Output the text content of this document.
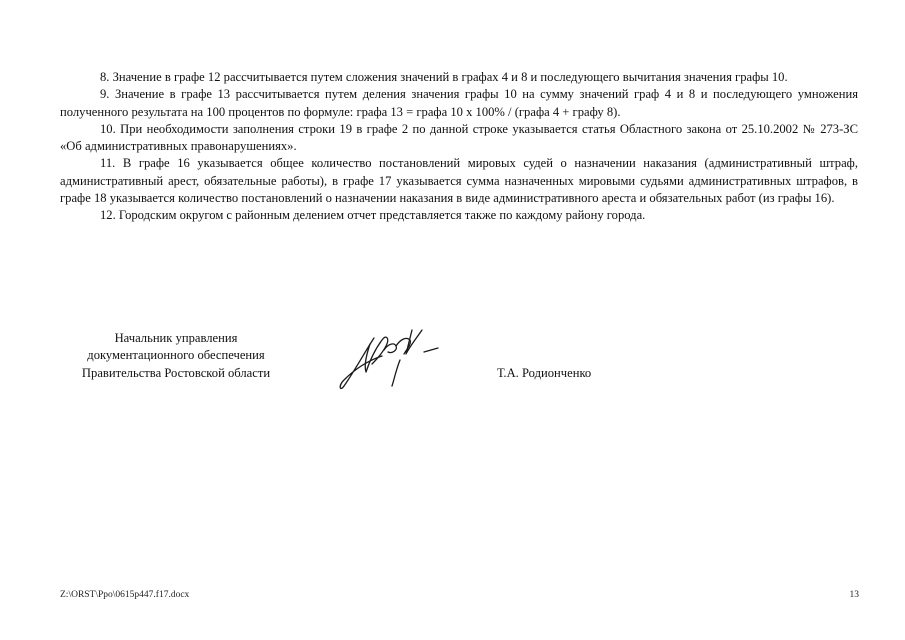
8. Значение в графе 12 рассчитывается путем сложения значений в графах 4 и 8 и последующего вычитания значения графы 10.

9. Значение в графе 13 рассчитывается путем деления значения графы 10 на сумму значений граф 4 и 8 и последующего умножения полученного результата на 100 процентов по формуле: графа 13 = графа 10 х 100% / (графа 4 + графу 8).

10. При необходимости заполнения строки 19 в графе 2 по данной строке указывается статья Областного закона от 25.10.2002 № 273-ЗС «Об административных правонарушениях».

11. В графе 16 указывается общее количество постановлений мировых судей о назначении наказания (административный штраф, административный арест, обязательные работы), в графе 17 указывается сумма назначенных мировыми судьями административных штрафов, в графе 18 указывается количество постановлений о назначении наказания в виде административного ареста и обязательных работ (из графы 16).

12. Городским округом с районным делением отчет представляется также по каждому району города.

Начальник управления
документационного обеспечения
Правительства Ростовской области	Т.А. Родионченко
Z:\ORST\Ppo\0615p447.f17.docx	13
